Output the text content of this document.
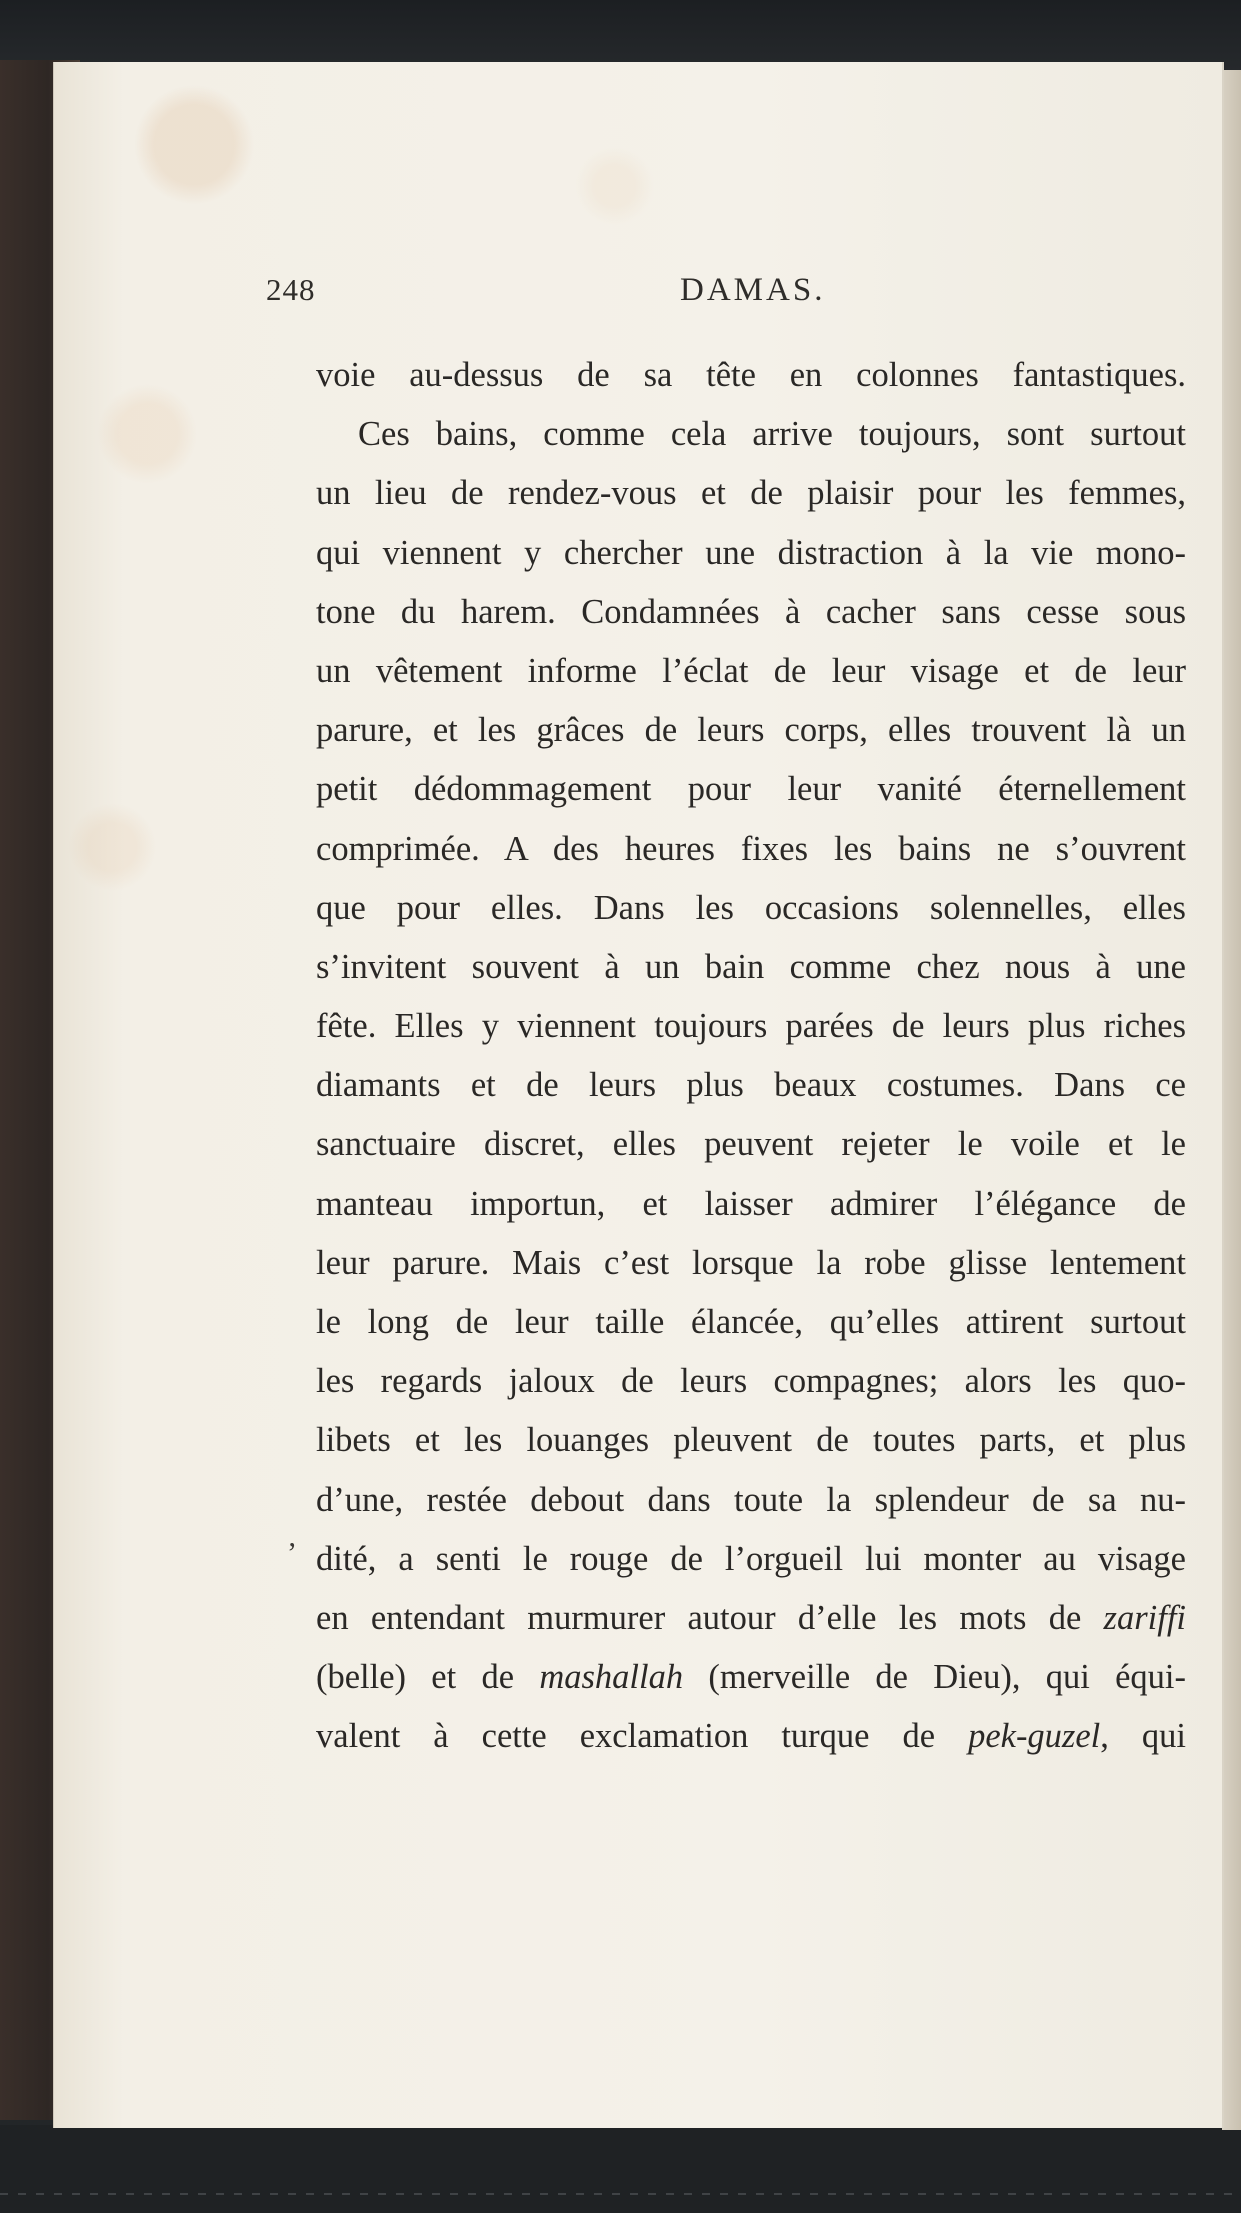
248	DAMAS.
ʼ
voie au-dessus de sa tête en colonnes fantastiques.
Ces bains, comme cela arrive toujours, sont surtout
un lieu de rendez-vous et de plaisir pour les femmes,
qui viennent y chercher une distraction à la vie mono-
tone du harem. Condamnées à cacher sans cesse sous
un vêtement informe l’éclat de leur visage et de leur
parure, et les grâces de leurs corps, elles trouvent là un
petit dédommagement pour leur vanité éternellement
comprimée. A des heures fixes les bains ne s’ouvrent
que pour elles. Dans les occasions solennelles, elles
s’invitent souvent à un bain comme chez nous à une
fête. Elles y viennent toujours parées de leurs plus riches
diamants et de leurs plus beaux costumes. Dans ce
sanctuaire discret, elles peuvent rejeter le voile et le
manteau importun, et laisser admirer l’élégance de
leur parure. Mais c’est lorsque la robe glisse lentement
le long de leur taille élancée, qu’elles attirent surtout
les regards jaloux de leurs compagnes; alors les quo-
libets et les louanges pleuvent de toutes parts, et plus
d’une, restée debout dans toute la splendeur de sa nu-
dité, a senti le rouge de l’orgueil lui monter au visage
en entendant murmurer autour d’elle les mots de zariffi
(belle) et de mashallah (merveille de Dieu), qui équi-
valent à cette exclamation turque de pek-guzel, qui
